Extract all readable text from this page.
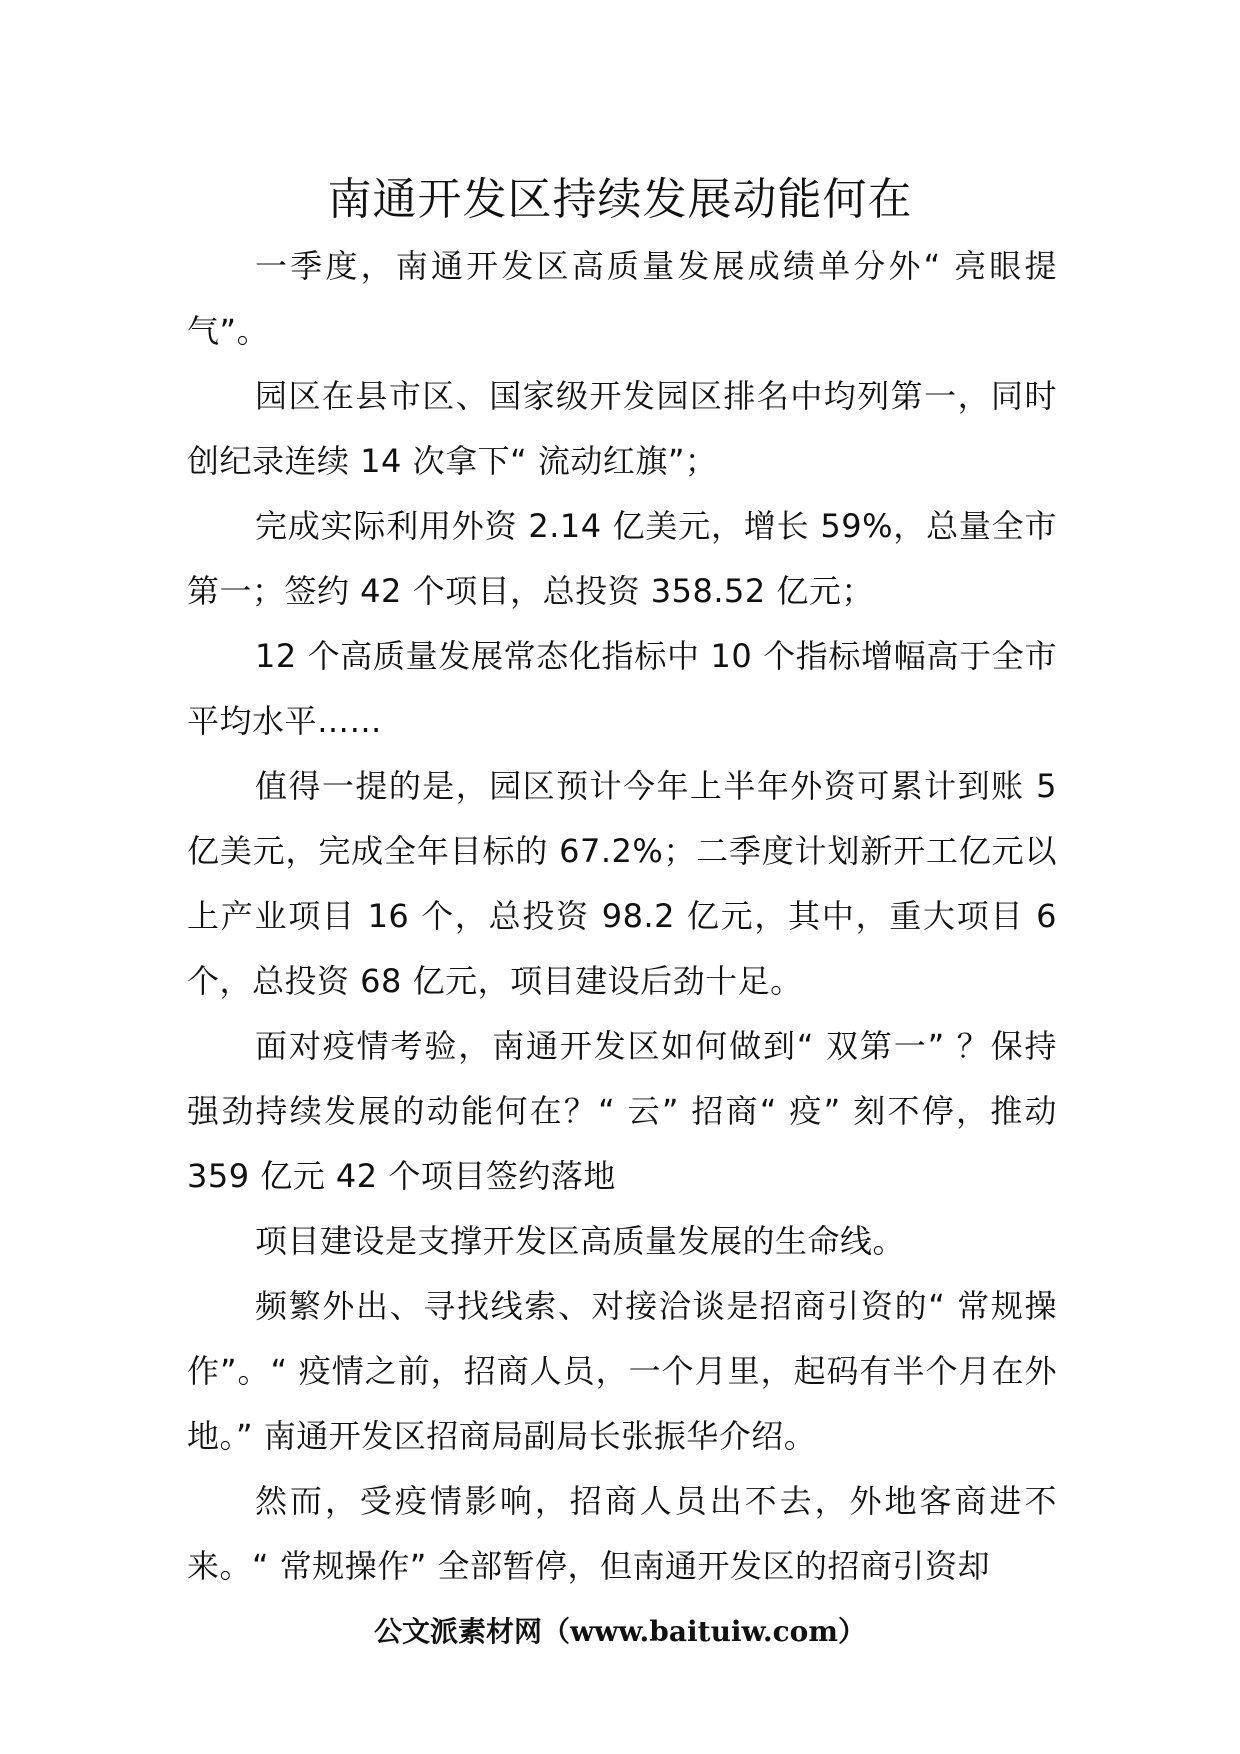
南通开发区持续发展动能何在

一季度，南通开发区高质量发展成绩单分外“ 亮眼提气”。

园区在县市区、国家级开发园区排名中均列第一，同时创纪录连续 14 次拿下“ 流动红旗”；

完成实际利用外资 2.14 亿美元，增长 59%，总量全市第一；签约 42 个项目，总投资 358.52 亿元；

12 个高质量发展常态化指标中 10 个指标增幅高于全市平均水平……

值得一提的是，园区预计今年上半年外资可累计到账 5 亿美元，完成全年目标的 67.2%；二季度计划新开工亿元以上产业项目 16 个，总投资 98.2 亿元，其中，重大项目 6 个，总投资 68 亿元，项目建设后劲十足。

面对疫情考验，南通开发区如何做到“ 双第一” ？保持强劲持续发展的动能何在？“ 云” 招商“ 疫” 刻不停，推动 359 亿元 42 个项目签约落地

项目建设是支撑开发区高质量发展的生命线。

频繁外出、寻找线索、对接洽谈是招商引资的“ 常规操作”。“ 疫情之前，招商人员，一个月里，起码有半个月在外地。” 南通开发区招商局副局长张振华介绍。

然而，受疫情影响，招商人员出不去，外地客商进不来。“ 常规操作” 全部暂停，但南通开发区的招商引资却

公文派素材网（www.baituiw.com）
